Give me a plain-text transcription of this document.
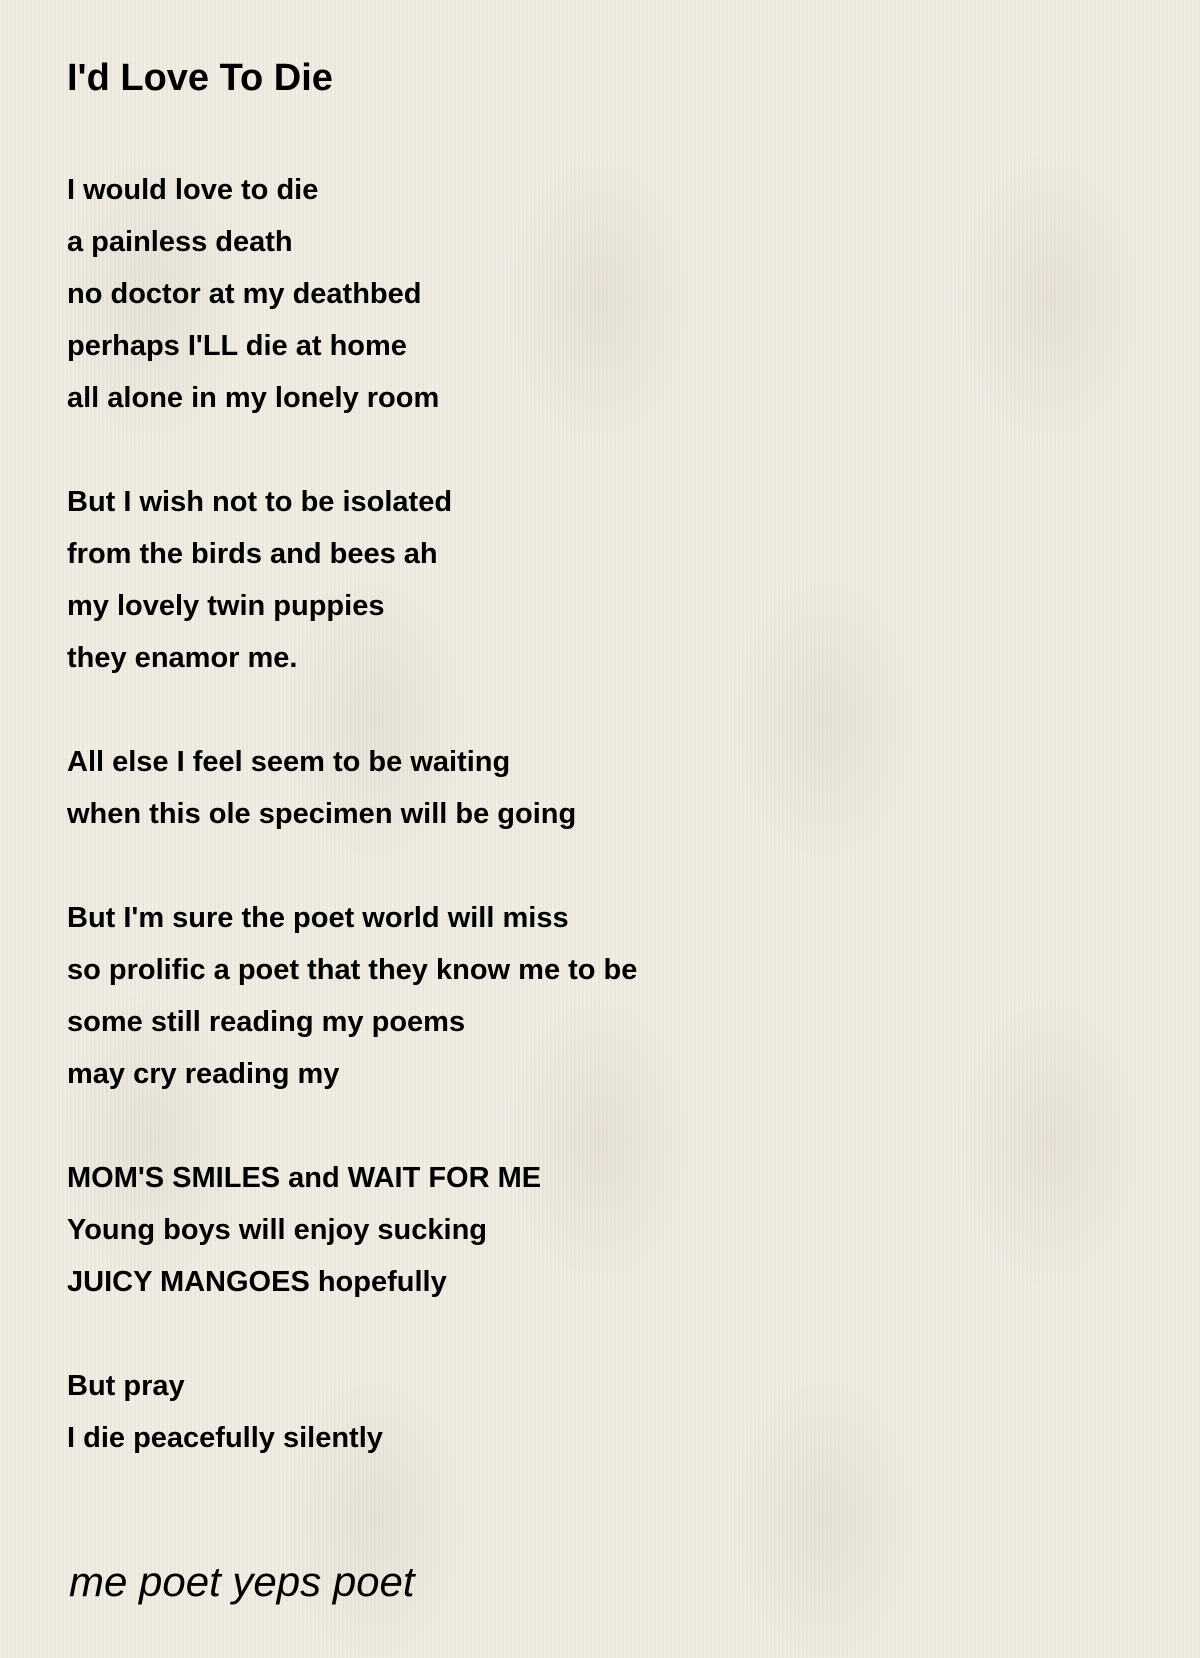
I'd Love To Die
I would love to die
a painless death
no doctor at my deathbed
perhaps I'LL die at home
all alone in my lonely room
But I wish not to be isolated
from the birds and bees ah
my lovely twin puppies
they enamor me.
All else I feel seem to be waiting
when this ole specimen will be going
But I'm sure the poet world will miss
so prolific a poet that they know me to be
some still reading my poems
may cry reading my
MOM'S SMILES and WAIT FOR ME
Young boys will enjoy sucking
JUICY MANGOES hopefully
But pray
I die peacefully silently
me poet yeps poet
